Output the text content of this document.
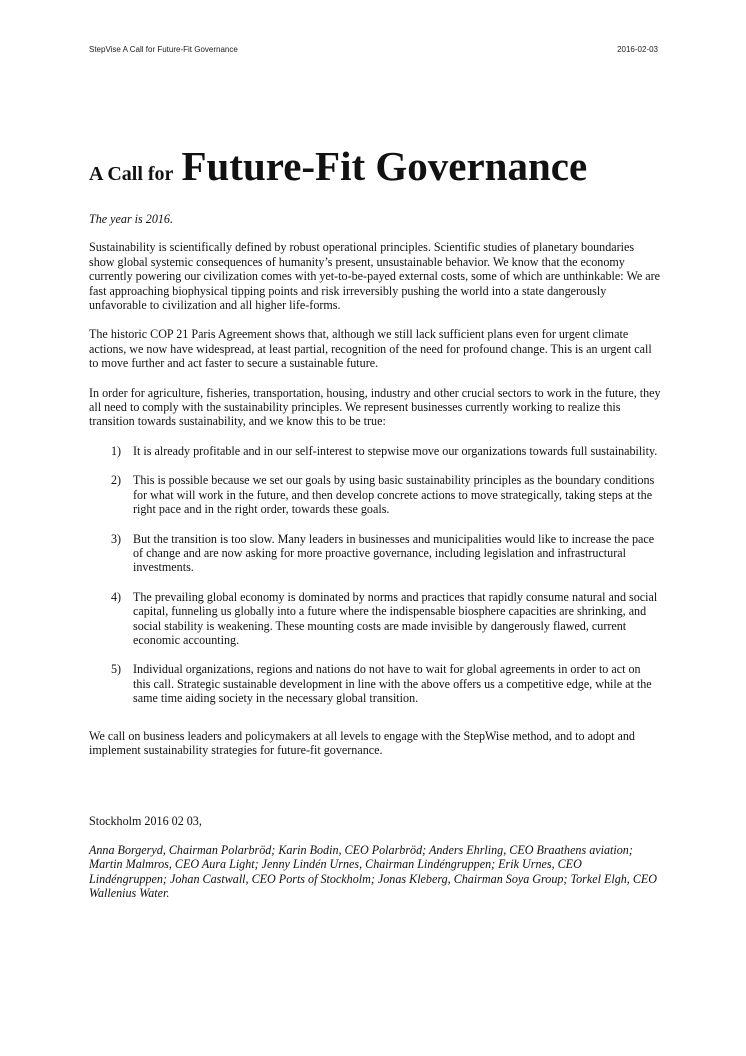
StepVise A Call for Future-Fit Governance	2016-02-03
A Call for Future-Fit Governance

The year is 2016.

Sustainability is scientifically defined by robust operational principles. Scientific studies of planetary boundaries show global systemic consequences of humanity’s present, unsustainable behavior. We know that the economy currently powering our civilization comes with yet-to-be-payed external costs, some of which are unthinkable: We are fast approaching biophysical tipping points and risk irreversibly pushing the world into a state dangerously unfavorable to civilization and all higher life-forms.

The historic COP 21 Paris Agreement shows that, although we still lack sufficient plans even for urgent climate actions, we now have widespread, at least partial, recognition of the need for profound change. This is an urgent call to move further and act faster to secure a sustainable future.

In order for agriculture, fisheries, transportation, housing, industry and other crucial sectors to work in the future, they all need to comply with the sustainability principles. We represent businesses currently working to realize this transition towards sustainability, and we know this to be true:

1) It is already profitable and in our self-interest to stepwise move our organizations towards full sustainability.
2) This is possible because we set our goals by using basic sustainability principles as the boundary conditions for what will work in the future, and then develop concrete actions to move strategically, taking steps at the right pace and in the right order, towards these goals.
3) But the transition is too slow. Many leaders in businesses and municipalities would like to increase the pace of change and are now asking for more proactive governance, including legislation and infrastructural investments.
4) The prevailing global economy is dominated by norms and practices that rapidly consume natural and social capital, funneling us globally into a future where the indispensable biosphere capacities are shrinking, and social stability is weakening. These mounting costs are made invisible by dangerously flawed, current economic accounting.
5) Individual organizations, regions and nations do not have to wait for global agreements in order to act on this call. Strategic sustainable development in line with the above offers us a competitive edge, while at the same time aiding society in the necessary global transition.

We call on business leaders and policymakers at all levels to engage with the StepWise method, and to adopt and implement sustainability strategies for future-fit governance.

Stockholm 2016 02 03,

Anna Borgeryd, Chairman Polarbröd; Karin Bodin, CEO Polarbröd; Anders Ehrling, CEO Braathens aviation; Martin Malmros, CEO Aura Light; Jenny Lindén Urnes, Chairman Lindéngruppen; Erik Urnes, CEO Lindéngruppen; Johan Castwall, CEO Ports of Stockholm; Jonas Kleberg, Chairman Soya Group; Torkel Elgh, CEO Wallenius Water.
